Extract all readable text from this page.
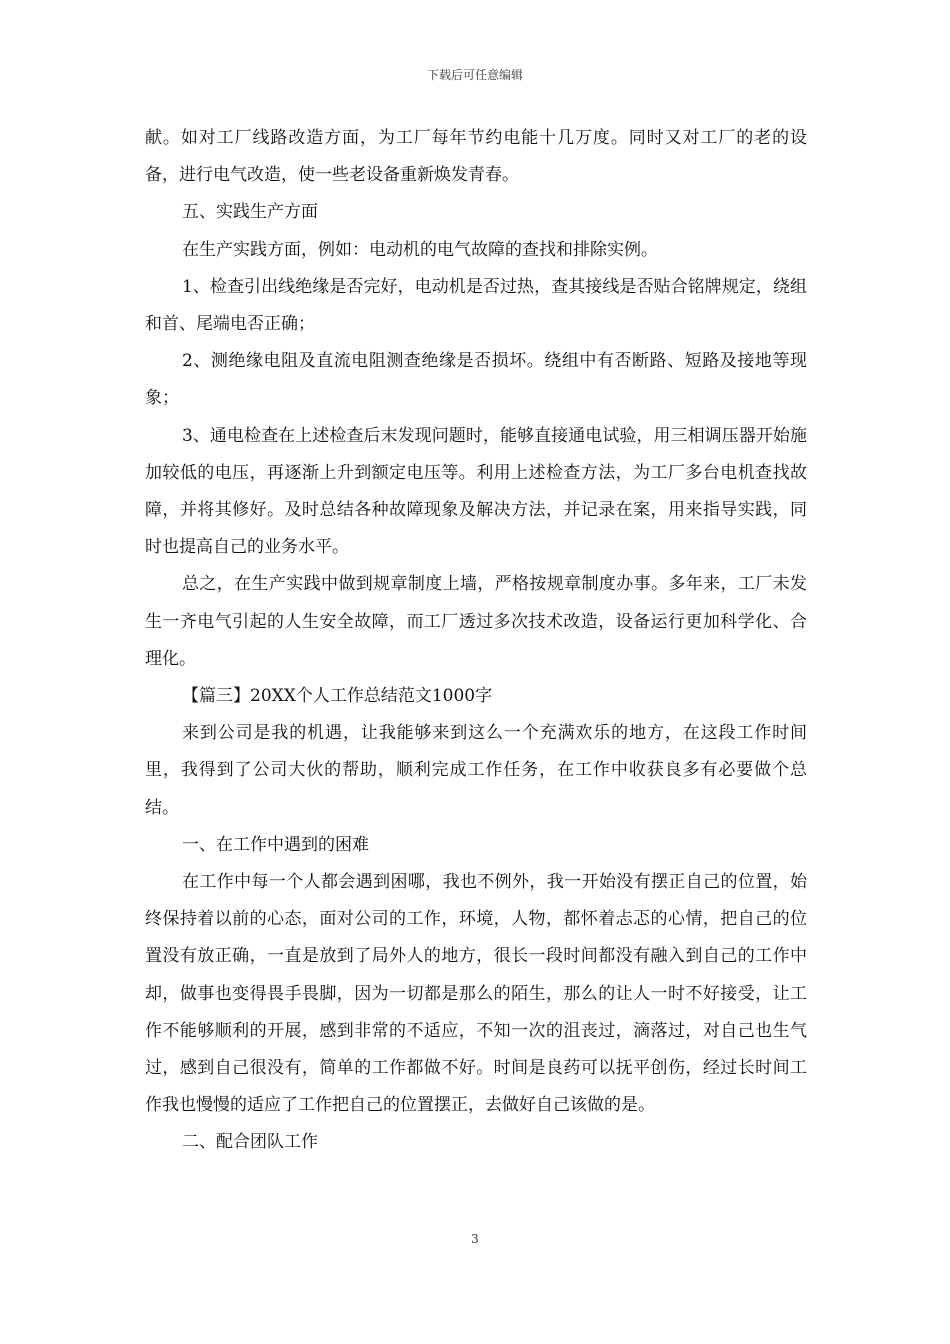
下载后可任意编辑

献。如对工厂线路改造方面，为工厂每年节约电能十几万度。同时又对工厂的老的设备，进行电气改造，使一些老设备重新焕发青春。

五、实践生产方面

在生产实践方面，例如：电动机的电气故障的查找和排除实例。

1、检查引出线绝缘是否完好，电动机是否过热，查其接线是否贴合铭牌规定，绕组和首、尾端电否正确；

2、测绝缘电阻及直流电阻测查绝缘是否损坏。绕组中有否断路、短路及接地等现象；

3、通电检查在上述检查后末发现问题时，能够直接通电试验，用三相调压器开始施加较低的电压，再逐渐上升到额定电压等。利用上述检查方法，为工厂多台电机查找故障，并将其修好。及时总结各种故障现象及解决方法，并记录在案，用来指导实践，同时也提高自己的业务水平。

总之，在生产实践中做到规章制度上墙，严格按规章制度办事。多年来，工厂未发生一齐电气引起的人生安全故障，而工厂透过多次技术改造，设备运行更加科学化、合理化。

【篇三】20XX个人工作总结范文1000字

来到公司是我的机遇，让我能够来到这么一个充满欢乐的地方，在这段工作时间里，我得到了公司大伙的帮助，顺利完成工作任务，在工作中收获良多有必要做个总结。

一、在工作中遇到的困难

在工作中每一个人都会遇到困哪，我也不例外，我一开始没有摆正自己的位置，始终保持着以前的心态，面对公司的工作，环境，人物，都怀着忐忑的心情，把自己的位置没有放正确，一直是放到了局外人的地方，很长一段时间都没有融入到自己的工作中却，做事也变得畏手畏脚，因为一切都是那么的陌生，那么的让人一时不好接受，让工作不能够顺利的开展，感到非常的不适应，不知一次的沮丧过，滴落过，对自己也生气过，感到自己很没有，简单的工作都做不好。时间是良药可以抚平创伤，经过长时间工作我也慢慢的适应了工作把自己的位置摆正，去做好自己该做的是。

二、配合团队工作

3
